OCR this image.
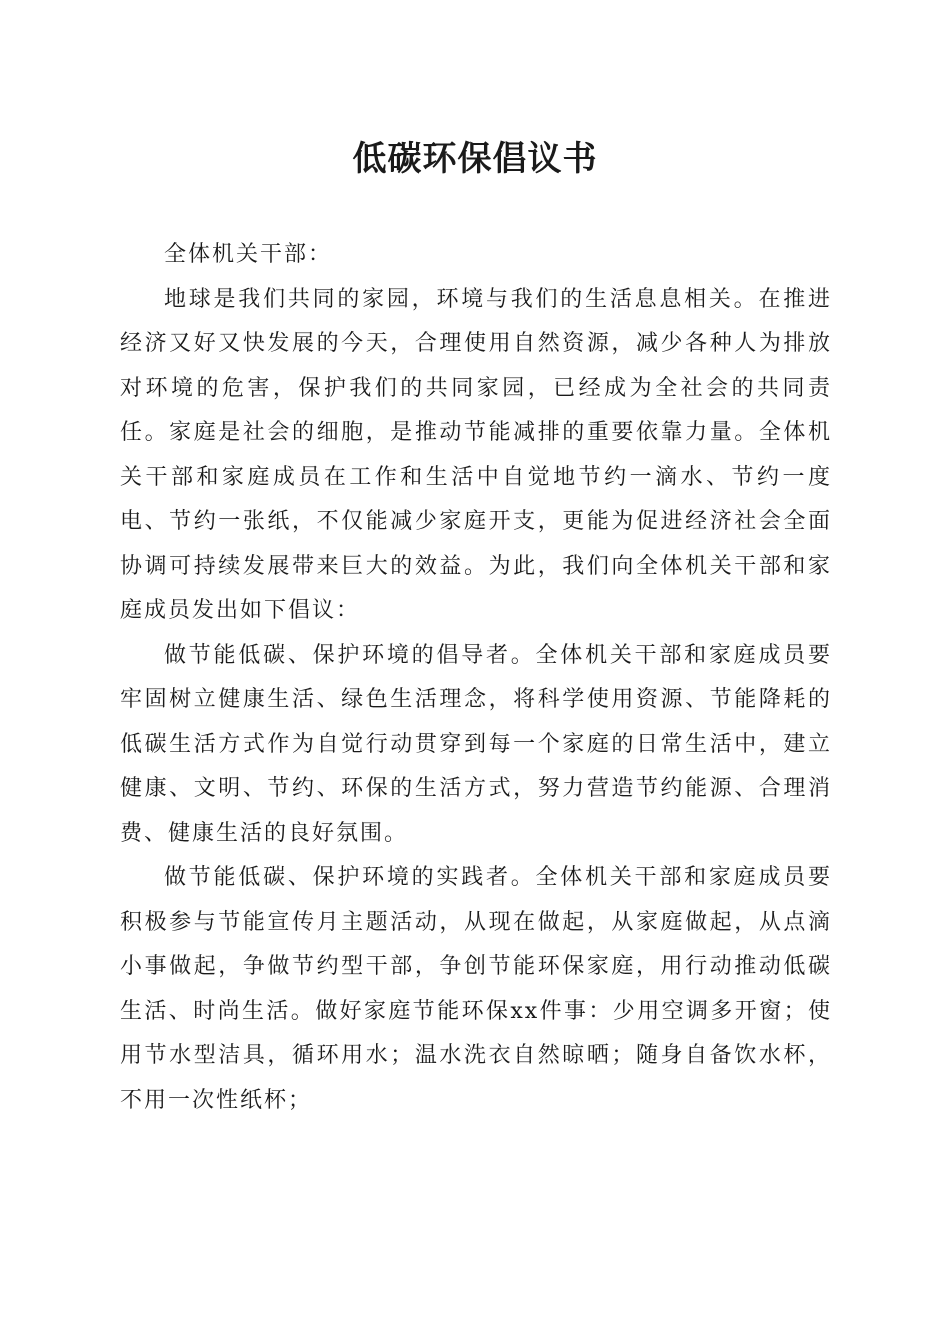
低碳环保倡议书

全体机关干部：

地球是我们共同的家园，环境与我们的生活息息相关。在推进经济又好又快发展的今天，合理使用自然资源，减少各种人为排放对环境的危害，保护我们的共同家园，已经成为全社会的共同责任。家庭是社会的细胞，是推动节能减排的重要依靠力量。全体机关干部和家庭成员在工作和生活中自觉地节约一滴水、节约一度电、节约一张纸，不仅能减少家庭开支，更能为促进经济社会全面协调可持续发展带来巨大的效益。为此，我们向全体机关干部和家庭成员发出如下倡议：

做节能低碳、保护环境的倡导者。全体机关干部和家庭成员要牢固树立健康生活、绿色生活理念，将科学使用资源、节能降耗的低碳生活方式作为自觉行动贯穿到每一个家庭的日常生活中，建立健康、文明、节约、环保的生活方式，努力营造节约能源、合理消费、健康生活的良好氛围。

做节能低碳、保护环境的实践者。全体机关干部和家庭成员要积极参与节能宣传月主题活动，从现在做起，从家庭做起，从点滴小事做起，争做节约型干部，争创节能环保家庭，用行动推动低碳生活、时尚生活。做好家庭节能环保xx件事：少用空调多开窗；使用节水型洁具，循环用水；温水洗衣自然晾晒；随身自备饮水杯，不用一次性纸杯；
